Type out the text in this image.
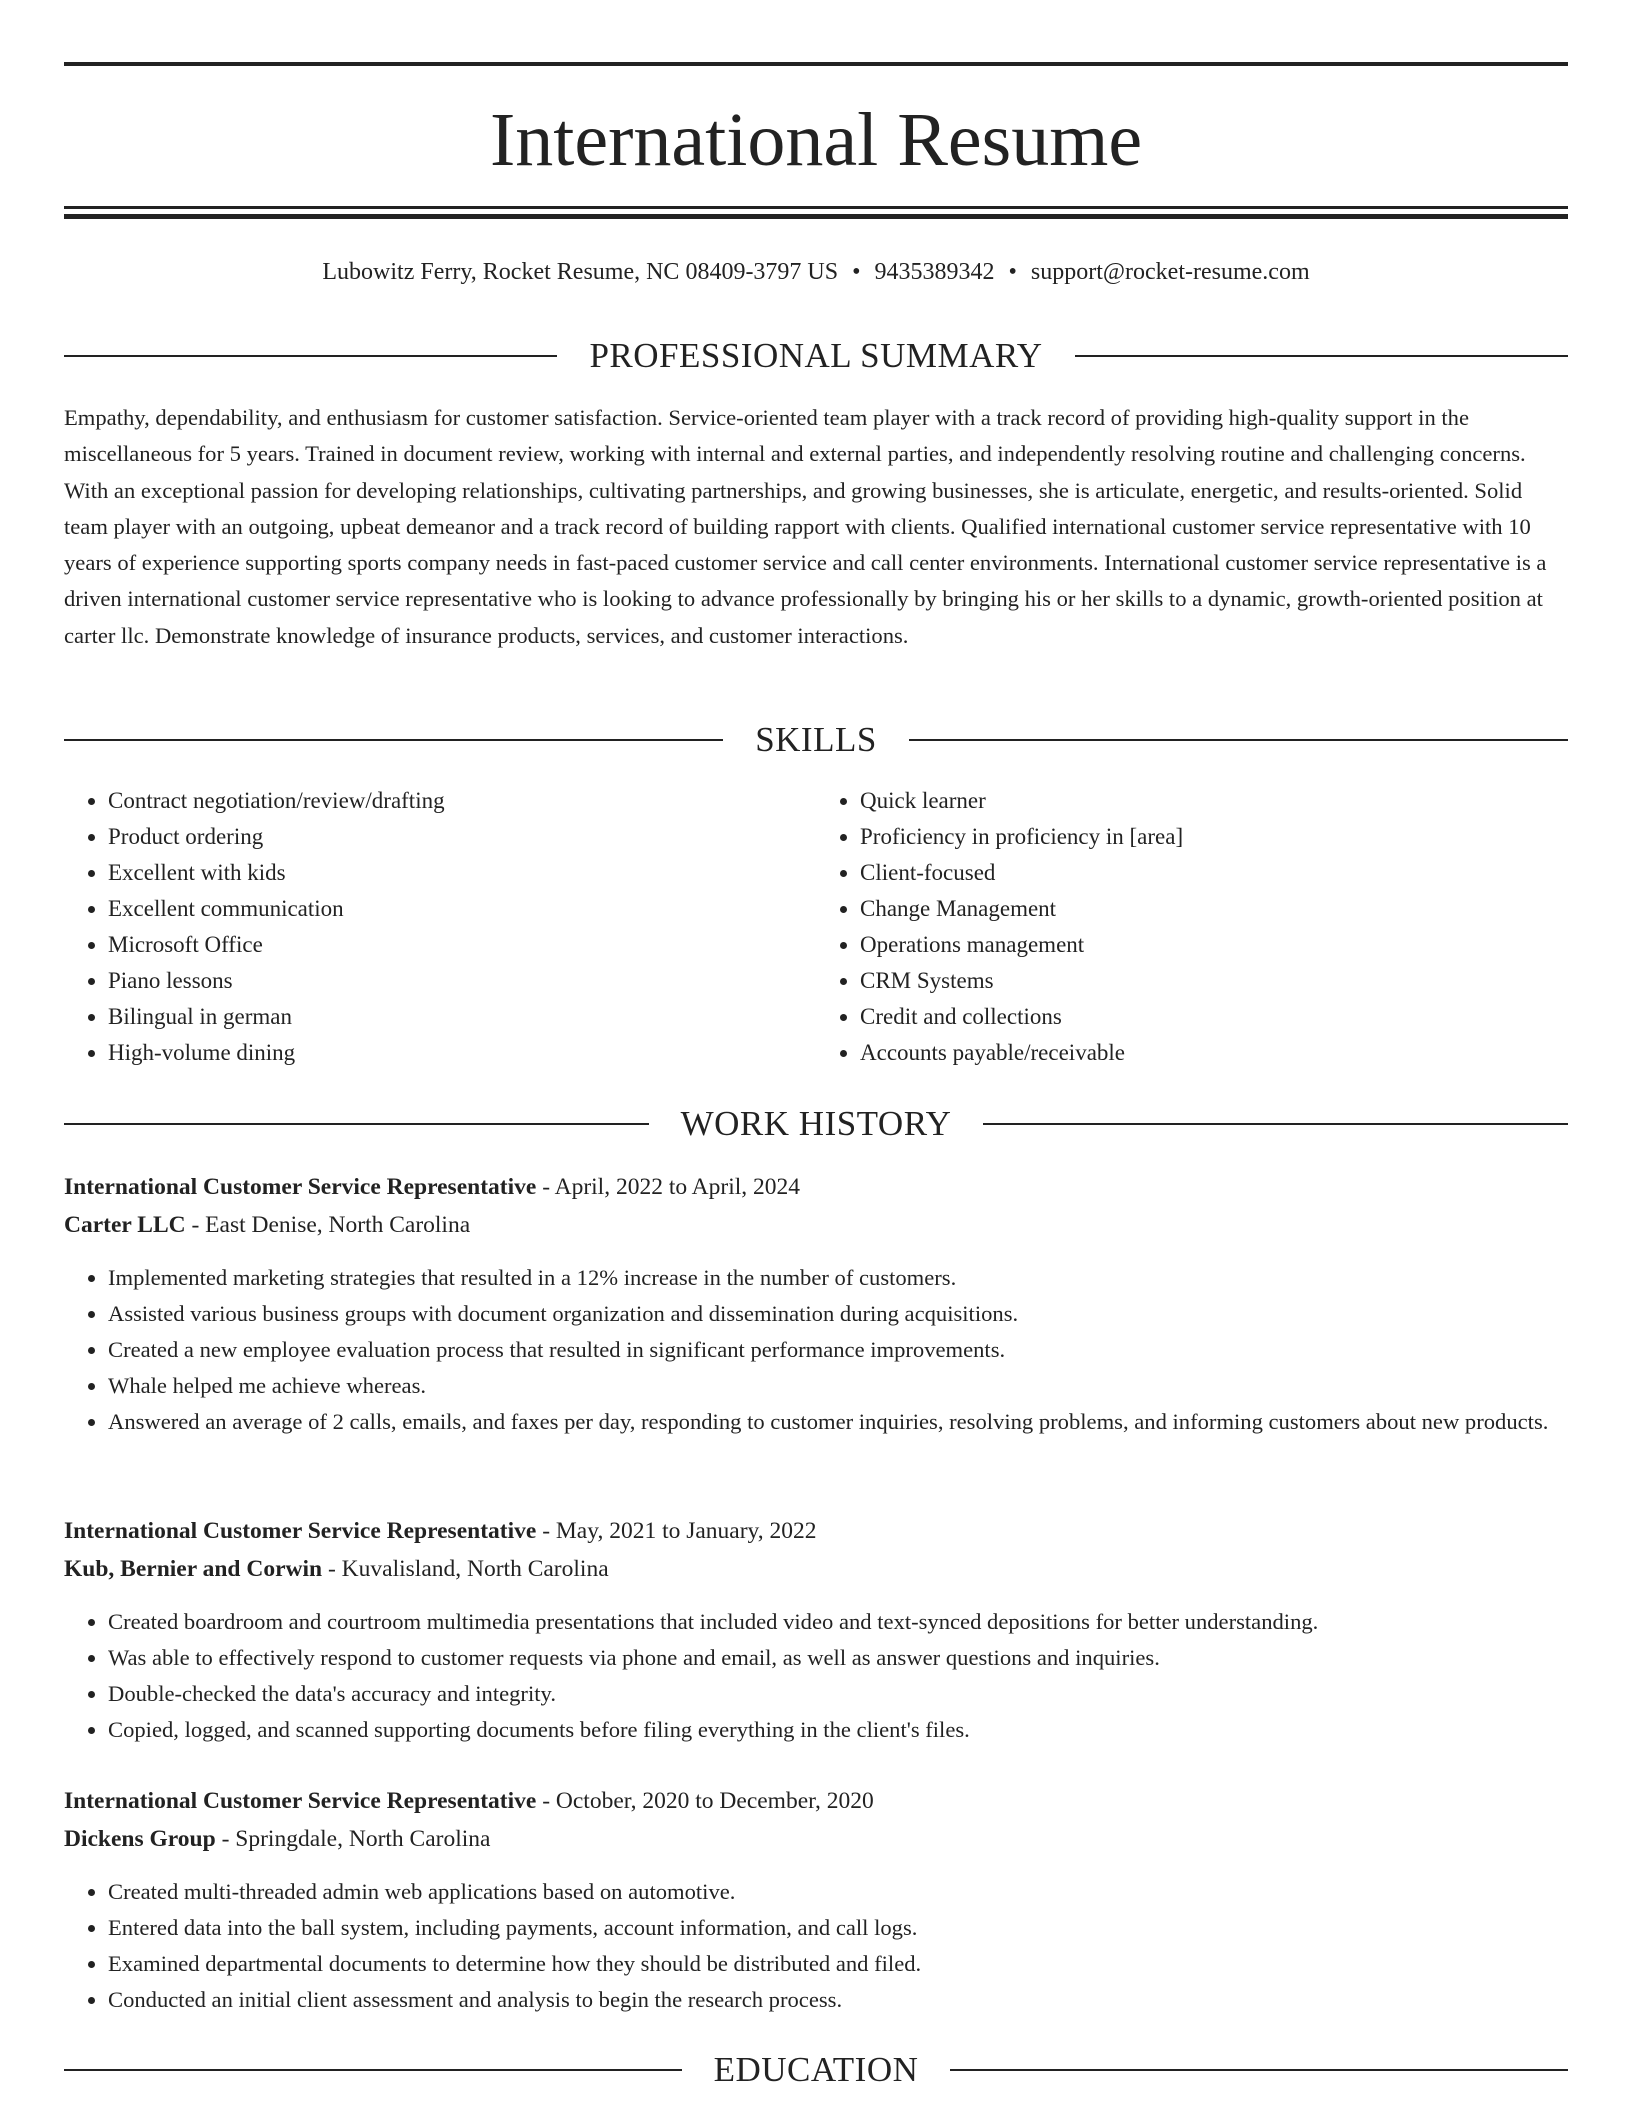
International Resume
Lubowitz Ferry, Rocket Resume, NC 08409-3797 US • 9435389342 • support@rocket-resume.com
PROFESSIONAL SUMMARY

Empathy, dependability, and enthusiasm for customer satisfaction. Service-oriented team player with a track record of providing high-quality support in the miscellaneous for 5 years. Trained in document review, working with internal and external parties, and independently resolving routine and challenging concerns. With an exceptional passion for developing relationships, cultivating partnerships, and growing businesses, she is articulate, energetic, and results-oriented. Solid team player with an outgoing, upbeat demeanor and a track record of building rapport with clients. Qualified international customer service representative with 10 years of experience supporting sports company needs in fast-paced customer service and call center environments. International customer service representative is a driven international customer service representative who is looking to advance professionally by bringing his or her skills to a dynamic, growth-oriented position at carter llc. Demonstrate knowledge of insurance products, services, and customer interactions.

SKILLS
• Contract negotiation/review/drafting
• Product ordering
• Excellent with kids
• Excellent communication
• Microsoft Office
• Piano lessons
• Bilingual in german
• High-volume dining
• Quick learner
• Proficiency in proficiency in [area]
• Client-focused
• Change Management
• Operations management
• CRM Systems
• Credit and collections
• Accounts payable/receivable
WORK HISTORY
International Customer Service Representative - April, 2022 to April, 2024
Carter LLC - East Denise, North Carolina
• Implemented marketing strategies that resulted in a 12% increase in the number of customers.
• Assisted various business groups with document organization and dissemination during acquisitions.
• Created a new employee evaluation process that resulted in significant performance improvements.
• Whale helped me achieve whereas.
• Answered an average of 2 calls, emails, and faxes per day, responding to customer inquiries, resolving problems, and informing customers about new products.
International Customer Service Representative - May, 2021 to January, 2022
Kub, Bernier and Corwin - Kuvalisland, North Carolina
• Created boardroom and courtroom multimedia presentations that included video and text-synced depositions for better understanding.
• Was able to effectively respond to customer requests via phone and email, as well as answer questions and inquiries.
• Double-checked the data's accuracy and integrity.
• Copied, logged, and scanned supporting documents before filing everything in the client's files.
International Customer Service Representative - October, 2020 to December, 2020
Dickens Group - Springdale, North Carolina
• Created multi-threaded admin web applications based on automotive.
• Entered data into the ball system, including payments, account information, and call logs.
• Examined departmental documents to determine how they should be distributed and filed.
• Conducted an initial client assessment and analysis to begin the research process.
EDUCATION
